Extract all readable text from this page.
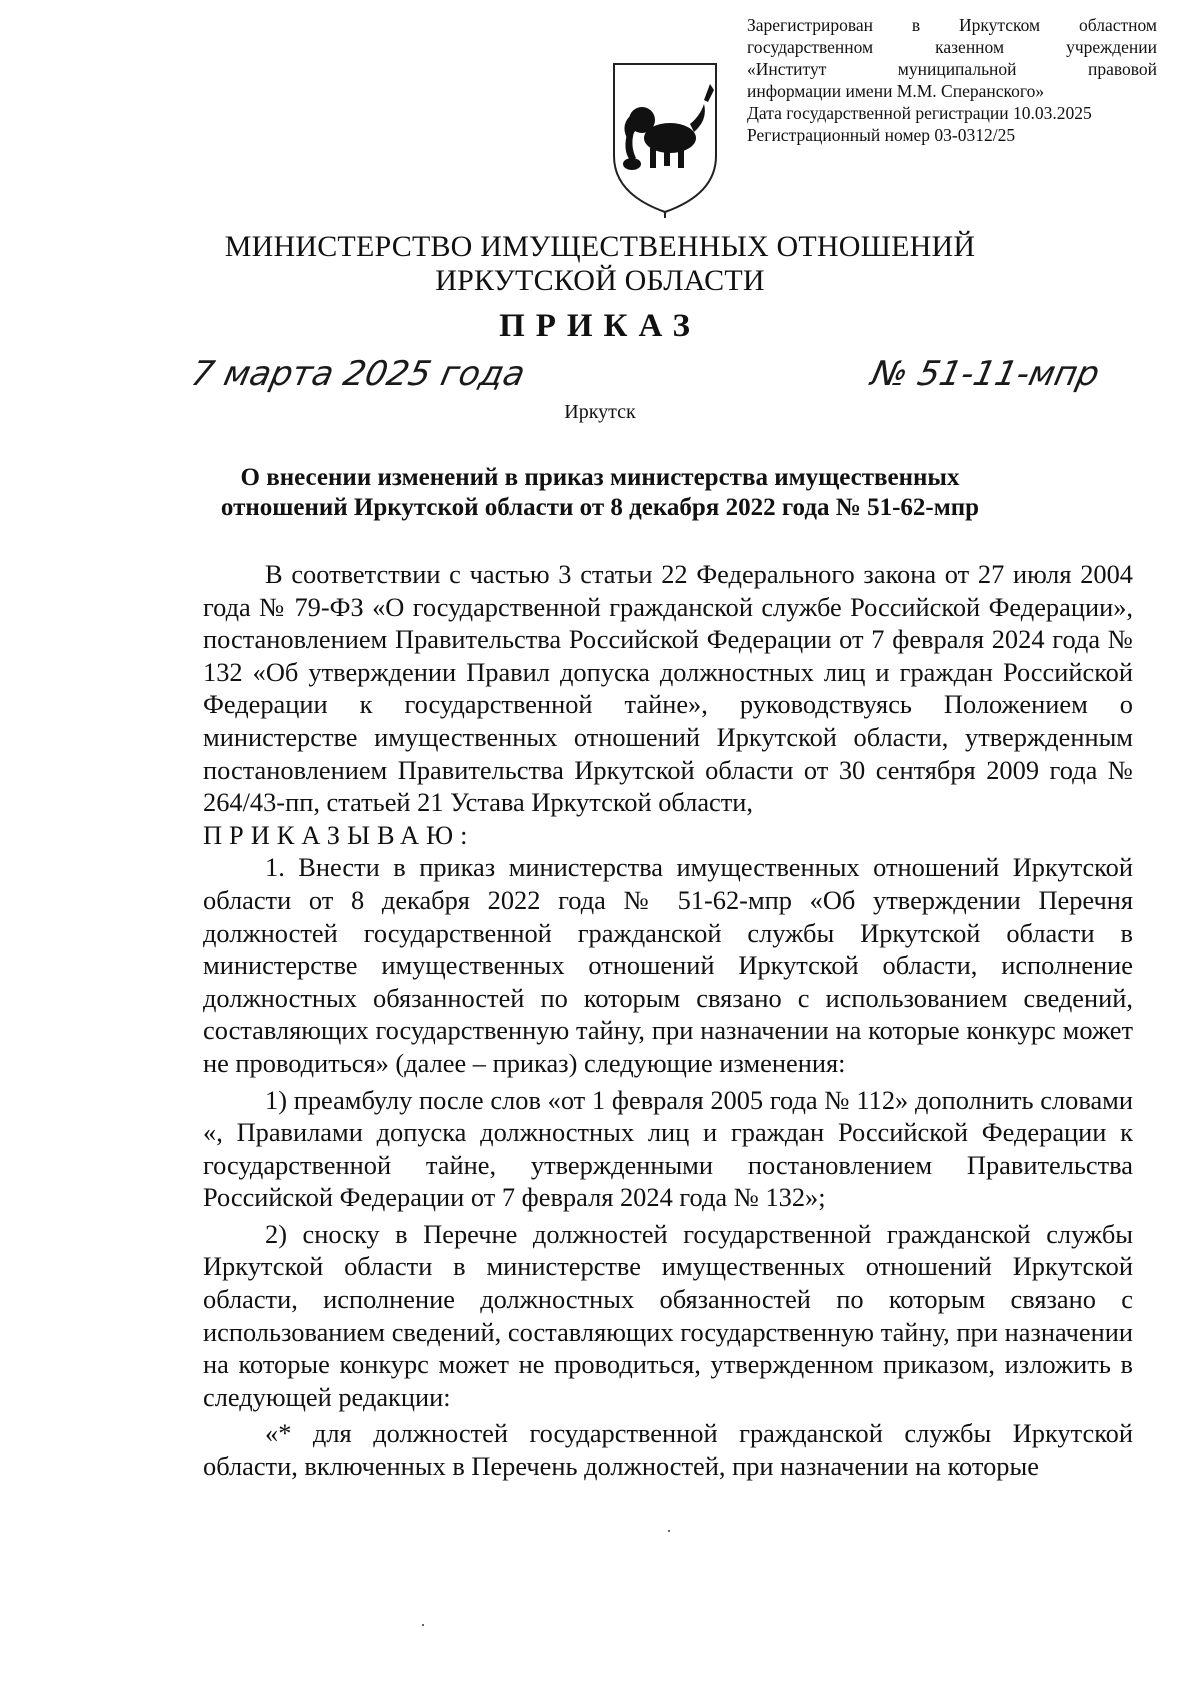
Зарегистрирован в Иркутском областном
государственном казенном учреждении
«Институт муниципальной правовой
информации имени М.М. Сперанского»
Дата государственной регистрации 10.03.2025
Регистрационный номер 03-0312/25
МИНИСТЕРСТВО ИМУЩЕСТВЕННЫХ ОТНОШЕНИЙ
ИРКУТСКОЙ ОБЛАСТИ
ПРИКАЗ
7 марта 2025 года	№ 51-11-мпр
Иркутск
О внесении изменений в приказ министерства имущественных
отношений Иркутской области от 8 декабря 2022 года № 51-62-мпр

В соответствии с частью 3 статьи 22 Федерального закона от 27 июля 2004 года № 79-ФЗ «О государственной гражданской службе Российской Федерации», постановлением Правительства Российской Федерации от 7 февраля 2024 года № 132 «Об утверждении Правил допуска должностных лиц и граждан Российской Федерации к государственной тайне», руководствуясь Положением о министерстве имущественных отношений Иркутской области, утвержденным постановлением Правительства Иркутской области от 30 сентября 2009 года № 264/43-пп, статьей 21 Устава Иркутской области,

ПРИКАЗЫВАЮ:

1. Внести в приказ министерства имущественных отношений Иркутской области от 8 декабря 2022 года № 51-62-мпр «Об утверждении Перечня должностей государственной гражданской службы Иркутской области в министерстве имущественных отношений Иркутской области, исполнение должностных обязанностей по которым связано с использованием сведений, составляющих государственную тайну, при назначении на которые конкурс может не проводиться» (далее – приказ) следующие изменения:

1) преамбулу после слов «от 1 февраля 2005 года № 112» дополнить словами «, Правилами допуска должностных лиц и граждан Российской Федерации к государственной тайне, утвержденными постановлением Правительства Российской Федерации от 7 февраля 2024 года № 132»;

2) сноску в Перечне должностей государственной гражданской службы Иркутской области в министерстве имущественных отношений Иркутской области, исполнение должностных обязанностей по которым связано с использованием сведений, составляющих государственную тайну, при назначении на которые конкурс может не проводиться, утвержденном приказом, изложить в следующей редакции:

«* для должностей государственной гражданской службы Иркутской области, включенных в Перечень должностей, при назначении на которые
